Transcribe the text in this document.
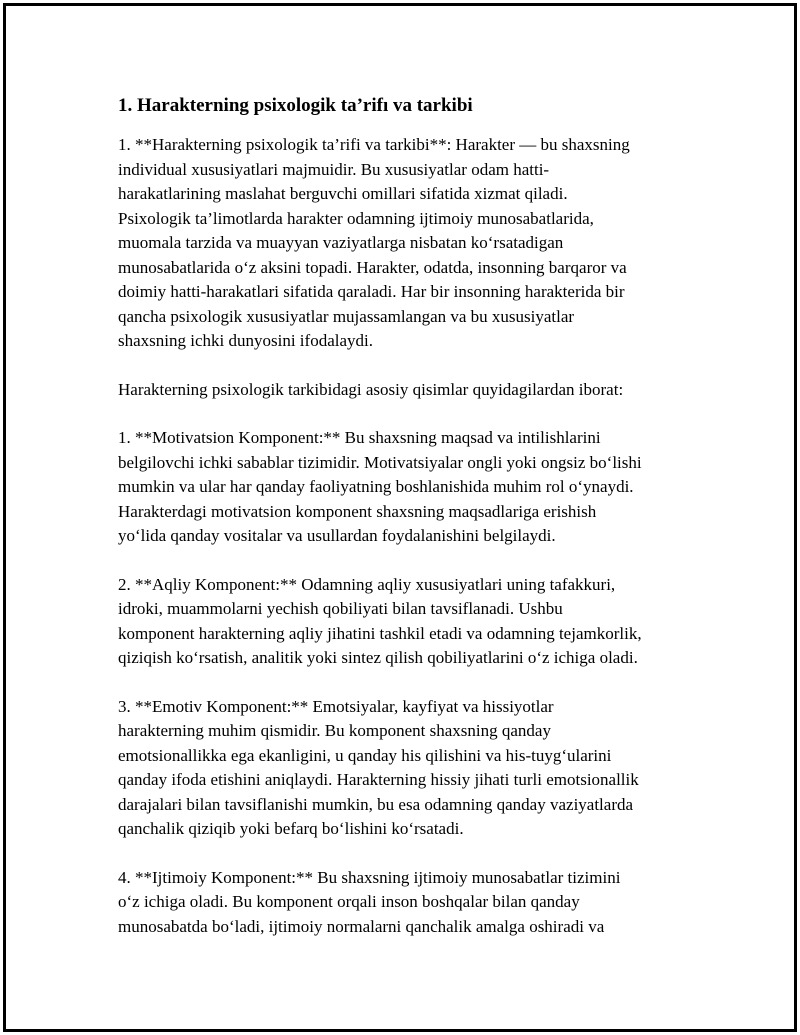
1. Harakterning psixologik ta’rifı va tarkibi
1. **Harakterning psixologik ta’rifi va tarkibi**: Harakter — bu shaxsning
individual xususiyatlari majmuidir. Bu xususiyatlar odam hatti-
harakatlarining maslahat berguvchi omillari sifatida xizmat qiladi.
Psixologik ta’limotlarda harakter odamning ijtimoiy munosabatlarida,
muomala tarzida va muayyan vaziyatlarga nisbatan ko‘rsatadigan
munosabatlarida o‘z aksini topadi. Harakter, odatda, insonning barqaror va
doimiy hatti-harakatlari sifatida qaraladi. Har bir insonning harakterida bir
qancha psixologik xususiyatlar mujassamlangan va bu xususiyatlar
shaxsning ichki dunyosini ifodalaydi.
Harakterning psixologik tarkibidagi asosiy qisimlar quyidagilardan iborat:
1. **Motivatsion Komponent:** Bu shaxsning maqsad va intilishlarini
belgilovchi ichki sabablar tizimidir. Motivatsiyalar ongli yoki ongsiz bo‘lishi
mumkin va ular har qanday faoliyatning boshlanishida muhim rol o‘ynaydi.
Harakterdagi motivatsion komponent shaxsning maqsadlariga erishish
yo‘lida qanday vositalar va usullardan foydalanishini belgilaydi.
2. **Aqliy Komponent:** Odamning aqliy xususiyatlari uning tafakkuri,
idroki, muammolarni yechish qobiliyati bilan tavsiflanadi. Ushbu
komponent harakterning aqliy jihatini tashkil etadi va odamning tejamkorlik,
qiziqish ko‘rsatish, analitik yoki sintez qilish qobiliyatlarini o‘z ichiga oladi.
3. **Emotiv Komponent:** Emotsiyalar, kayfiyat va hissiyotlar
harakterning muhim qismidir. Bu komponent shaxsning qanday
emotsionallikka ega ekanligini, u qanday his qilishini va his-tuyg‘ularini
qanday ifoda etishini aniqlaydi. Harakterning hissiy jihati turli emotsionallik
darajalari bilan tavsiflanishi mumkin, bu esa odamning qanday vaziyatlarda
qanchalik qiziqib yoki befarq bo‘lishini ko‘rsatadi.
4. **Ijtimoiy Komponent:** Bu shaxsning ijtimoiy munosabatlar tizimini
o‘z ichiga oladi. Bu komponent orqali inson boshqalar bilan qanday
munosabatda bo‘ladi, ijtimoiy normalarni qanchalik amalga oshiradi va
